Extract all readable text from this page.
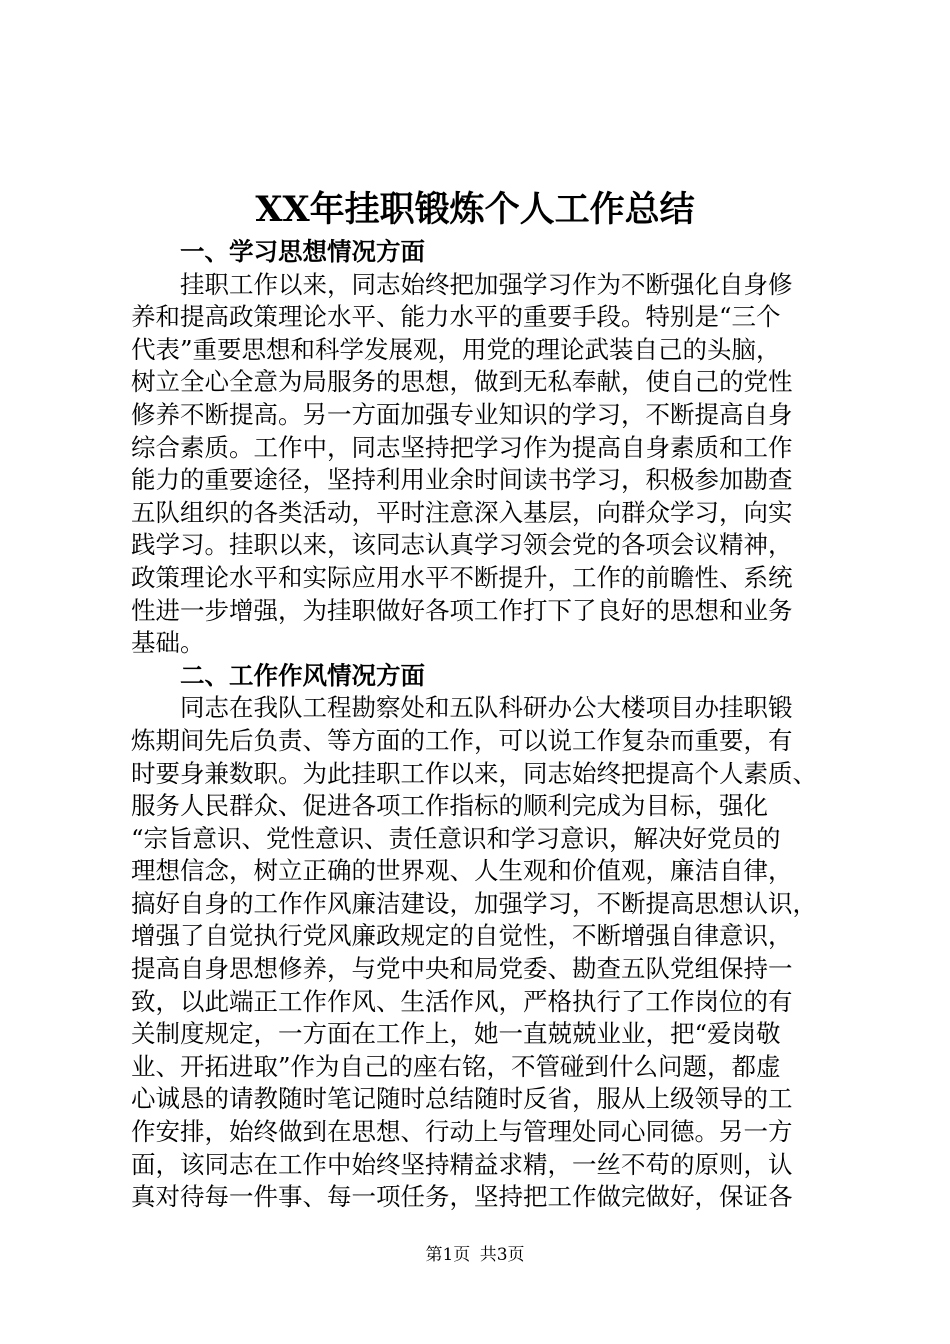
XX年挂职锻炼个人工作总结
一、学习思想情况方面
挂职工作以来，同志始终把加强学习作为不断强化自身修
养和提高政策理论水平、能力水平的重要手段。特别是“三个
代表”重要思想和科学发展观，用党的理论武装自己的头脑，
树立全心全意为局服务的思想，做到无私奉献，使自己的党性
修养不断提高。另一方面加强专业知识的学习，不断提高自身
综合素质。工作中，同志坚持把学习作为提高自身素质和工作
能力的重要途径，坚持利用业余时间读书学习，积极参加勘查
五队组织的各类活动，平时注意深入基层，向群众学习，向实
践学习。挂职以来，该同志认真学习领会党的各项会议精神，
政策理论水平和实际应用水平不断提升，工作的前瞻性、系统
性进一步增强，为挂职做好各项工作打下了良好的思想和业务
基础。
二、工作作风情况方面
同志在我队工程勘察处和五队科研办公大楼项目办挂职锻
炼期间先后负责、等方面的工作，可以说工作复杂而重要，有
时要身兼数职。为此挂职工作以来，同志始终把提高个人素质、
服务人民群众、促进各项工作指标的顺利完成为目标，强化
“宗旨意识、党性意识、责任意识和学习意识，解决好党员的
理想信念，树立正确的世界观、人生观和价值观，廉洁自律，
搞好自身的工作作风廉洁建设，加强学习，不断提高思想认识，
增强了自觉执行党风廉政规定的自觉性，不断增强自律意识，
提高自身思想修养，与党中央和局党委、勘查五队党组保持一
致，以此端正工作作风、生活作风，严格执行了工作岗位的有
关制度规定，一方面在工作上，她一直兢兢业业，把“爱岗敬
业、开拓进取”作为自己的座右铭，不管碰到什么问题，都虚
心诚恳的请教随时笔记随时总结随时反省，服从上级领导的工
作安排，始终做到在思想、行动上与管理处同心同德。另一方
面，该同志在工作中始终坚持精益求精，一丝不苟的原则，认
真对待每一件事、每一项任务，坚持把工作做完做好，保证各
第1页 共3页
